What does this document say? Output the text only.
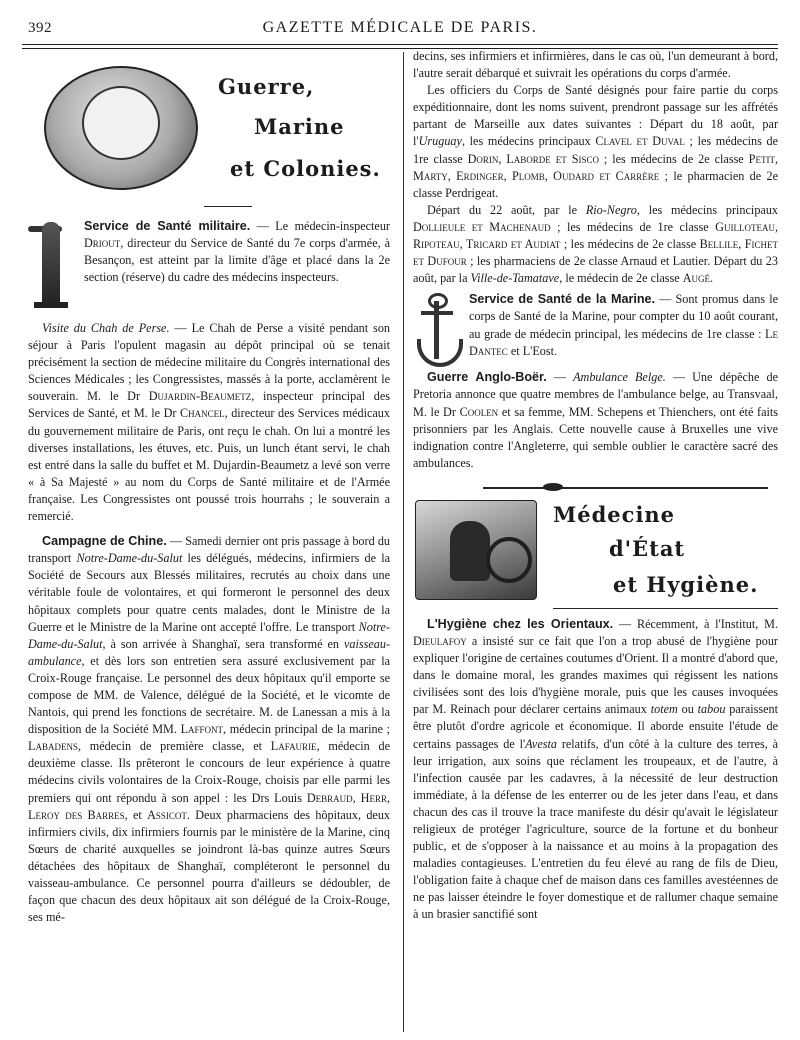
392	GAZETTE MÉDICALE DE PARIS.
Guerre,
Marine
et Colonies.

Service de Santé militaire. — Le médecin-inspecteur Driout, directeur du Service de Santé du 7e corps d'armée, à Besançon, est atteint par la limite d'âge et placé dans la 2e section (réserve) du cadre des médecins inspecteurs.

Visite du Chah de Perse. — Le Chah de Perse a visité pendant son séjour à Paris l'opulent magasin au dépôt principal où se tenait précisément la section de médecine militaire du Congrès international des Sciences Médicales ; les Congressistes, massés à la porte, acclamèrent le souverain. M. le Dr Dujardin-Beaumetz, inspecteur principal des Services de Santé, et M. le Dr Chancel, directeur des Services médicaux du gouvernement militaire de Paris, ont reçu le chah. On lui a montré les diverses installations, les étuves, etc. Puis, un lunch étant servi, le chah est entré dans la salle du buffet et M. Dujardin-Beaumetz a levé son verre « à Sa Majesté » au nom du Corps de Santé militaire et de l'Armée française. Les Congressistes ont poussé trois hourrahs ; le souverain a remercié.

Campagne de Chine. — Samedi dernier ont pris passage à bord du transport Notre-Dame-du-Salut les délégués, médecins, infirmiers de la Société de Secours aux Blessés militaires, recrutés au choix dans une véritable foule de volontaires, et qui formeront le personnel des deux hôpitaux complets pour quatre cents malades, dont le Ministre de la Guerre et le Ministre de la Marine ont accepté l'offre. Le transport Notre-Dame-du-Salut, à son arrivée à Shanghaï, sera transformé en vaisseau-ambulance, et dès lors son entretien sera assuré exclusivement par la Croix-Rouge française. Le personnel des deux hôpitaux qu'il emporte se compose de MM. de Valence, délégué de la Société, et le vicomte de Nantois, qui prend les fonctions de secrétaire. M. de Lanessan a mis à la disposition de la Société MM. Laffont, médecin principal de la marine ; Labadens, médecin de première classe, et Lafaurie, médecin de deuxième classe. Ils prêteront le concours de leur expérience à quatre médecins civils volontaires de la Croix-Rouge, choisis par elle parmi les premiers qui ont répondu à son appel : les Drs Louis Debraud, Herr, Leroy des Barres, et Assicot. Deux pharmaciens des hôpitaux, deux infirmiers civils, dix infirmiers fournis par le ministère de la Marine, cinq Sœurs de charité auxquelles se joindront là-bas quinze autres Sœurs détachées des hôpitaux de Shanghaï, compléteront le personnel du vaisseau-ambulance. Ce personnel pourra d'ailleurs se dédoubler, de façon que chacun des deux hôpitaux ait son délégué de la Croix-Rouge, ses mé-

decins, ses infirmiers et infirmières, dans le cas où, l'un demeurant à bord, l'autre serait débarqué et suivrait les opérations du corps d'armée.

Les officiers du Corps de Santé désignés pour faire partie du corps expéditionnaire, dont les noms suivent, prendront passage sur les affrétés partant de Marseille aux dates suivantes : Départ du 18 août, par l'Uruguay, les médecins principaux Clavel et Duval ; les médecins de 1re classe Dorin, Laborde et Sisco ; les médecins de 2e classe Petit, Marty, Erdinger, Plomb, Oudard et Carrère ; le pharmacien de 2e classe Perdrigeat.

Départ du 22 août, par le Rio-Negro, les médecins principaux Dollieule et Machenaud ; les médecins de 1re classe Guilloteau, Ripoteau, Tricard et Audiat ; les médecins de 2e classe Bellile, Fichet et Dufour ; les pharmaciens de 2e classe Arnaud et Lautier. Départ du 23 août, par la Ville-de-Tamatave, le médecin de 2e classe Augé.

Service de Santé de la Marine. — Sont promus dans le corps de Santé de la Marine, pour compter du 10 août courant, au grade de médecin principal, les médecins de 1re classe : Le Dantec et L'Eost.

Guerre Anglo-Boër. — Ambulance Belge. — Une dépêche de Pretoria annonce que quatre membres de l'ambulance belge, au Transvaal, M. le Dr Coolen et sa femme, MM. Schepens et Thienchers, ont été faits prisonniers par les Anglais. Cette nouvelle cause à Bruxelles une vive indignation contre l'Angleterre, qui semble oublier le caractère sacré des ambulances.

Médecine
d'État
et Hygiène.

L'Hygiène chez les Orientaux. — Récemment, à l'Institut, M. Dieulafoy a insisté sur ce fait que l'on a trop abusé de l'hygiène pour expliquer l'origine de certaines coutumes d'Orient. Il a montré d'abord que, dans le domaine moral, les grandes maximes qui régissent les nations civilisées sont des lois d'hygiène morale, puis que les causes invoquées par M. Reinach pour déclarer certains animaux totem ou tabou paraissent être plutôt d'ordre agricole et économique. Il aborde ensuite l'étude de certains passages de l'Avesta relatifs, d'un côté à la culture des terres, à leur irrigation, aux soins que réclament les troupeaux, et de l'autre, à l'infection causée par les cadavres, à la nécessité de leur destruction immédiate, à la défense de les enterrer ou de les jeter dans l'eau, et dans chacun des cas il trouve la trace manifeste du désir qu'avait le législateur religieux de protéger l'agriculture, source de la fortune et du bonheur public, et de s'opposer à la naissance et au moins à la propagation des maladies contagieuses. L'entretien du feu élevé au rang de fils de Dieu, l'obligation faite à chaque chef de maison dans ces familles avestéennes de ne pas laisser éteindre le foyer domestique et de rallumer chaque semaine à un brasier sanctifié sont
